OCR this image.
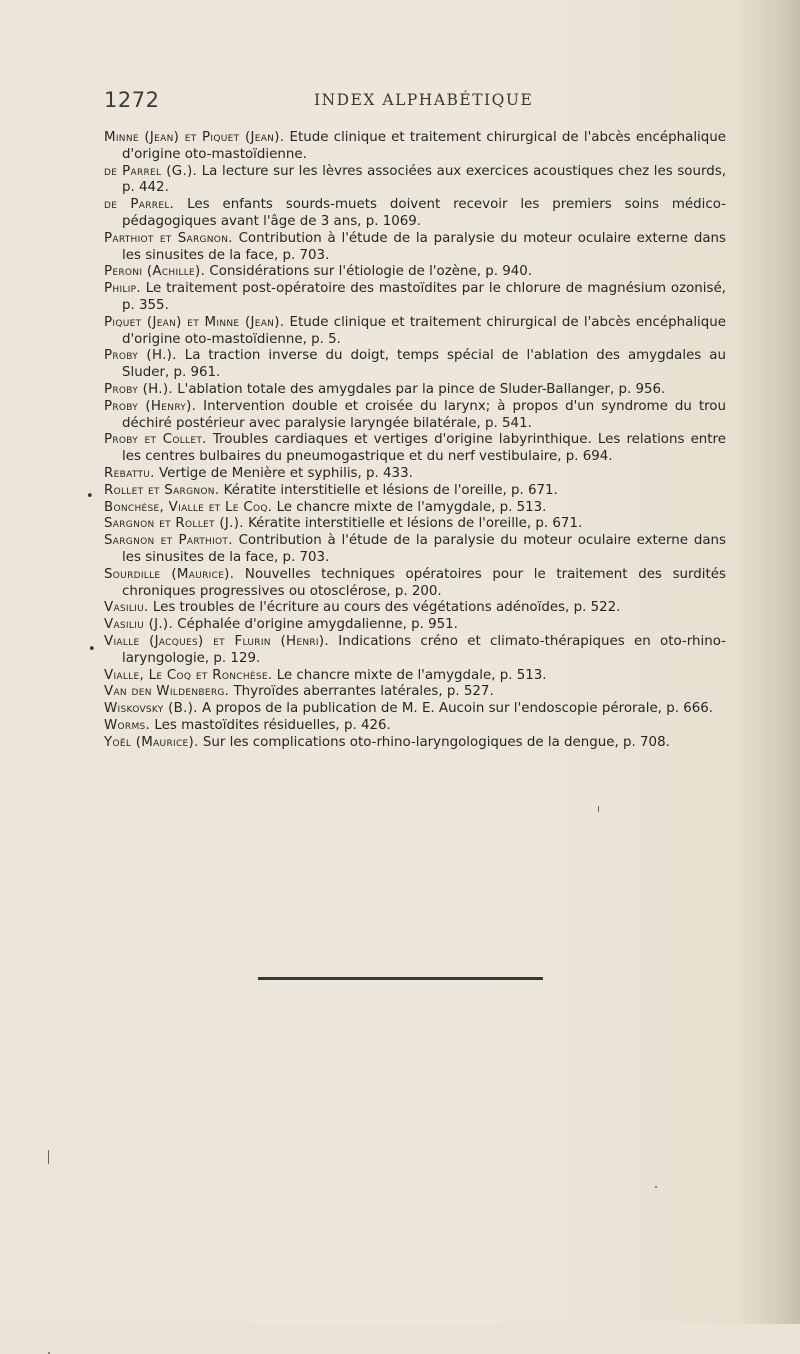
1272	INDEX ALPHABÉTIQUE
•
•

Minne (Jean) et Piquet (Jean). Etude clinique et traitement chirurgical de l'abcès encéphalique d'origine oto-mastoïdienne.

de Parrel (G.). La lecture sur les lèvres associées aux exercices acoustiques chez les sourds, p. 442.

de Parrel. Les enfants sourds-muets doivent recevoir les premiers soins médico-pédagogiques avant l'âge de 3 ans, p. 1069.

Parthiot et Sargnon. Contribution à l'étude de la paralysie du moteur oculaire externe dans les sinusites de la face, p. 703.

Peroni (Achille). Considérations sur l'étiologie de l'ozène, p. 940.

Philip. Le traitement post-opératoire des mastoïdites par le chlorure de magnésium ozonisé, p. 355.

Piquet (Jean) et Minne (Jean). Etude clinique et traitement chirurgical de l'abcès encéphalique d'origine oto-mastoïdienne, p. 5.

Proby (H.). La traction inverse du doigt, temps spécial de l'ablation des amygdales au Sluder, p. 961.

Proby (H.). L'ablation totale des amygdales par la pince de Sluder-Ballanger, p. 956.

Proby (Henry). Intervention double et croisée du larynx; à propos d'un syndrome du trou déchiré postérieur avec paralysie laryngée bilatérale, p. 541.

Proby et Collet. Troubles cardiaques et vertiges d'origine labyrinthique. Les relations entre les centres bulbaires du pneumogastrique et du nerf vestibulaire, p. 694.

Rebattu. Vertige de Menière et syphilis, p. 433.

Rollet et Sargnon. Kératite interstitielle et lésions de l'oreille, p. 671.

Bonchèse, Vialle et Le Coq. Le chancre mixte de l'amygdale, p. 513.

Sargnon et Rollet (J.). Kératite interstitielle et lésions de l'oreille, p. 671.

Sargnon et Parthiot. Contribution à l'étude de la paralysie du moteur oculaire externe dans les sinusites de la face, p. 703.

Sourdille (Maurice). Nouvelles techniques opératoires pour le traitement des surdités chroniques progressives ou otosclérose, p. 200.

Vasiliu. Les troubles de l'écriture au cours des végétations adénoïdes, p. 522.

Vasiliu (J.). Céphalée d'origine amygdalienne, p. 951.

Vialle (Jacques) et Flurin (Henri). Indications créno et climato-thérapiques en oto-rhino-laryngologie, p. 129.

Vialle, Le Coq et Ronchèse. Le chancre mixte de l'amygdale, p. 513.

Van den Wildenberg. Thyroïdes aberrantes latérales, p. 527.

Wiskovsky (B.). A propos de la publication de M. E. Aucoin sur l'endoscopie pérorale, p. 666.

Worms. Les mastoïdites résiduelles, p. 426.

Yoël (Maurice). Sur les complications oto-rhino-laryngologiques de la dengue, p. 708.
